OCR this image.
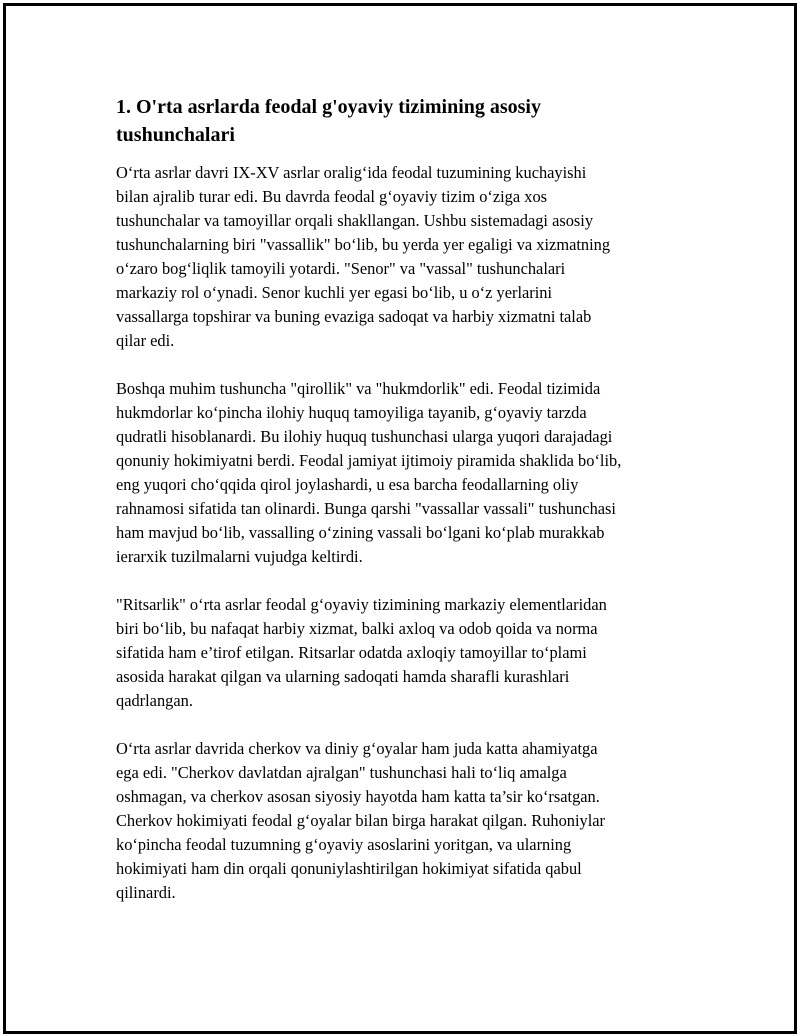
1. O'rta asrlarda feodal g'oyaviy tizimining asosiy
tushunchalari

O‘rta asrlar davri IX-XV asrlar oralig‘ida feodal tuzumining kuchayishi
bilan ajralib turar edi. Bu davrda feodal g‘oyaviy tizim o‘ziga xos
tushunchalar va tamoyillar orqali shakllangan. Ushbu sistemadagi asosiy
tushunchalarning biri "vassallik" bo‘lib, bu yerda yer egaligi va xizmatning
o‘zaro bog‘liqlik tamoyili yotardi. "Senor" va "vassal" tushunchalari
markaziy rol o‘ynadi. Senor kuchli yer egasi bo‘lib, u o‘z yerlarini
vassallarga topshirar va buning evaziga sadoqat va harbiy xizmatni talab
qilar edi.

Boshqa muhim tushuncha "qirollik" va "hukmdorlik" edi. Feodal tizimida
hukmdorlar ko‘pincha ilohiy huquq tamoyiliga tayanib, g‘oyaviy tarzda
qudratli hisoblanardi. Bu ilohiy huquq tushunchasi ularga yuqori darajadagi
qonuniy hokimiyatni berdi. Feodal jamiyat ijtimoiy piramida shaklida bo‘lib,
eng yuqori cho‘qqida qirol joylashardi, u esa barcha feodallarning oliy
rahnamosi sifatida tan olinardi. Bunga qarshi "vassallar vassali" tushunchasi
ham mavjud bo‘lib, vassalling o‘zining vassali bo‘lgani ko‘plab murakkab
ierarxik tuzilmalarni vujudga keltirdi.

"Ritsarlik" o‘rta asrlar feodal g‘oyaviy tizimining markaziy elementlaridan
biri bo‘lib, bu nafaqat harbiy xizmat, balki axloq va odob qoida va norma
sifatida ham e’tirof etilgan. Ritsarlar odatda axloqiy tamoyillar to‘plami
asosida harakat qilgan va ularning sadoqati hamda sharafli kurashlari
qadrlangan.

O‘rta asrlar davrida cherkov va diniy g‘oyalar ham juda katta ahamiyatga
ega edi. "Cherkov davlatdan ajralgan" tushunchasi hali to‘liq amalga
oshmagan, va cherkov asosan siyosiy hayotda ham katta ta’sir ko‘rsatgan.
Cherkov hokimiyati feodal g‘oyalar bilan birga harakat qilgan. Ruhoniylar
ko‘pincha feodal tuzumning g‘oyaviy asoslarini yoritgan, va ularning
hokimiyati ham din orqali qonuniylashtirilgan hokimiyat sifatida qabul
qilinardi.
